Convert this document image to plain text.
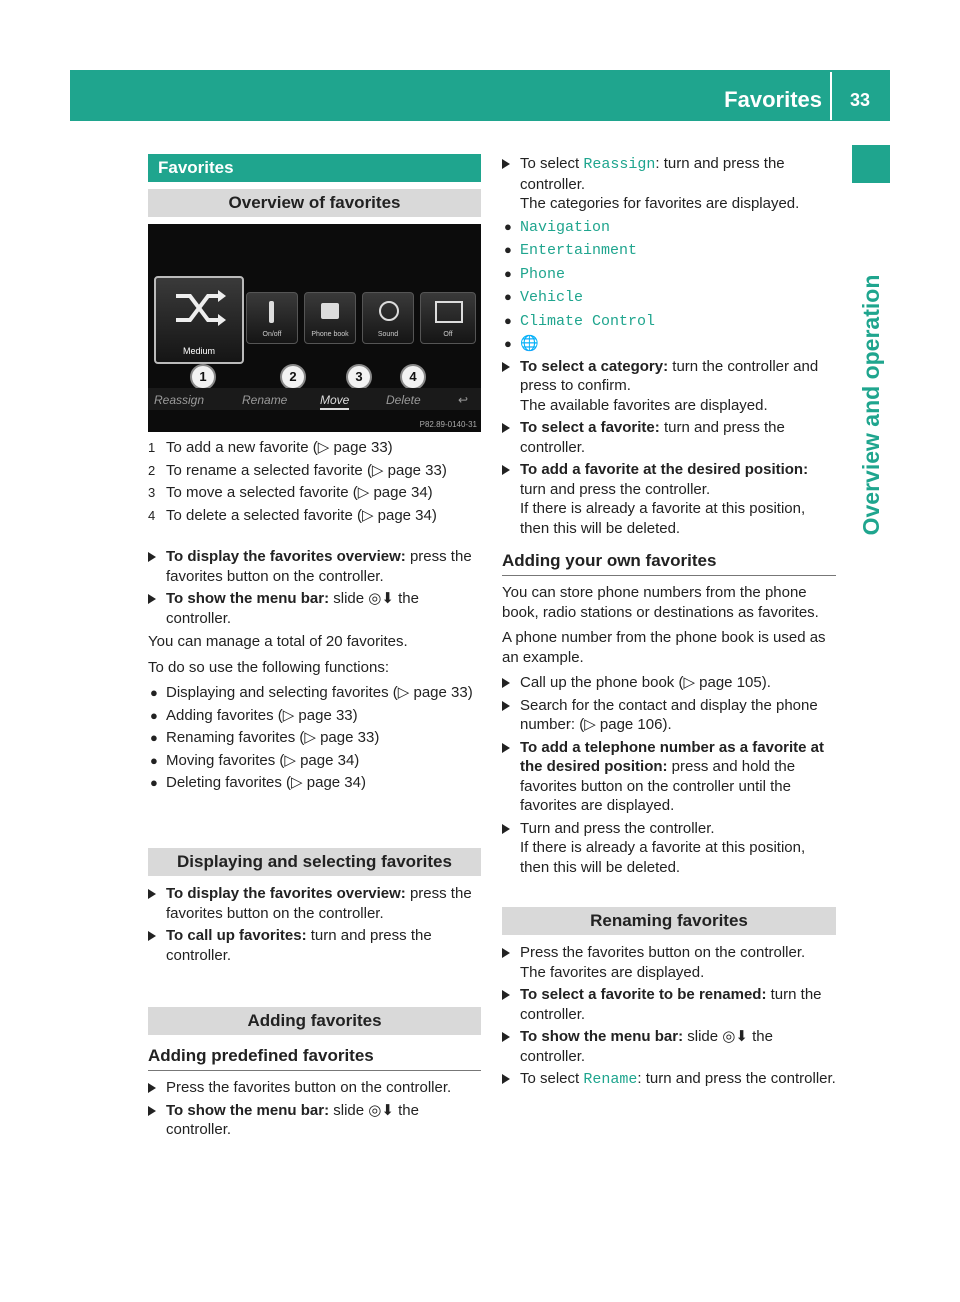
Favorites	33
Overview and operation
Favorites
Overview of favorites
Medium
On/off	Phone book	Sound	Off
1	2	3	4
Reassign	Rename	Move	Delete	↩
P82.89-0140-31
1 To add a new favorite (▷ page 33)
2 To rename a selected favorite (▷ page 33)
3 To move a selected favorite (▷ page 34)
4 To delete a selected favorite (▷ page 34)
To display the favorites overview: press the favorites button on the controller.
To show the menu bar: slide ◎⬇ the controller.
You can manage a total of 20 favorites.
To do so use the following functions:
● Displaying and selecting favorites (▷ page 33)
● Adding favorites (▷ page 33)
● Renaming favorites (▷ page 33)
● Moving favorites (▷ page 34)
● Deleting favorites (▷ page 34)
Displaying and selecting favorites
To display the favorites overview: press the favorites button on the controller.
To call up favorites: turn and press the controller.
Adding favorites
Adding predefined favorites
Press the favorites button on the controller.
To show the menu bar: slide ◎⬇ the controller.
To select Reassign: turn and press the controller.
The categories for favorites are displayed.
● Navigation
● Entertainment
● Phone
● Vehicle
● Climate Control
● 🌐
To select a category: turn the controller and press to confirm.
The available favorites are displayed.
To select a favorite: turn and press the controller.
To add a favorite at the desired position: turn and press the controller.
If there is already a favorite at this position, then this will be deleted.
Adding your own favorites
You can store phone numbers from the phone book, radio stations or destinations as favorites.
A phone number from the phone book is used as an example.
Call up the phone book (▷ page 105).
Search for the contact and display the phone number: (▷ page 106).
To add a telephone number as a favorite at the desired position: press and hold the favorites button on the controller until the favorites are displayed.
Turn and press the controller.
If there is already a favorite at this position, then this will be deleted.
Renaming favorites
Press the favorites button on the controller.
The favorites are displayed.
To select a favorite to be renamed: turn the controller.
To show the menu bar: slide ◎⬇ the controller.
To select Rename: turn and press the controller.
